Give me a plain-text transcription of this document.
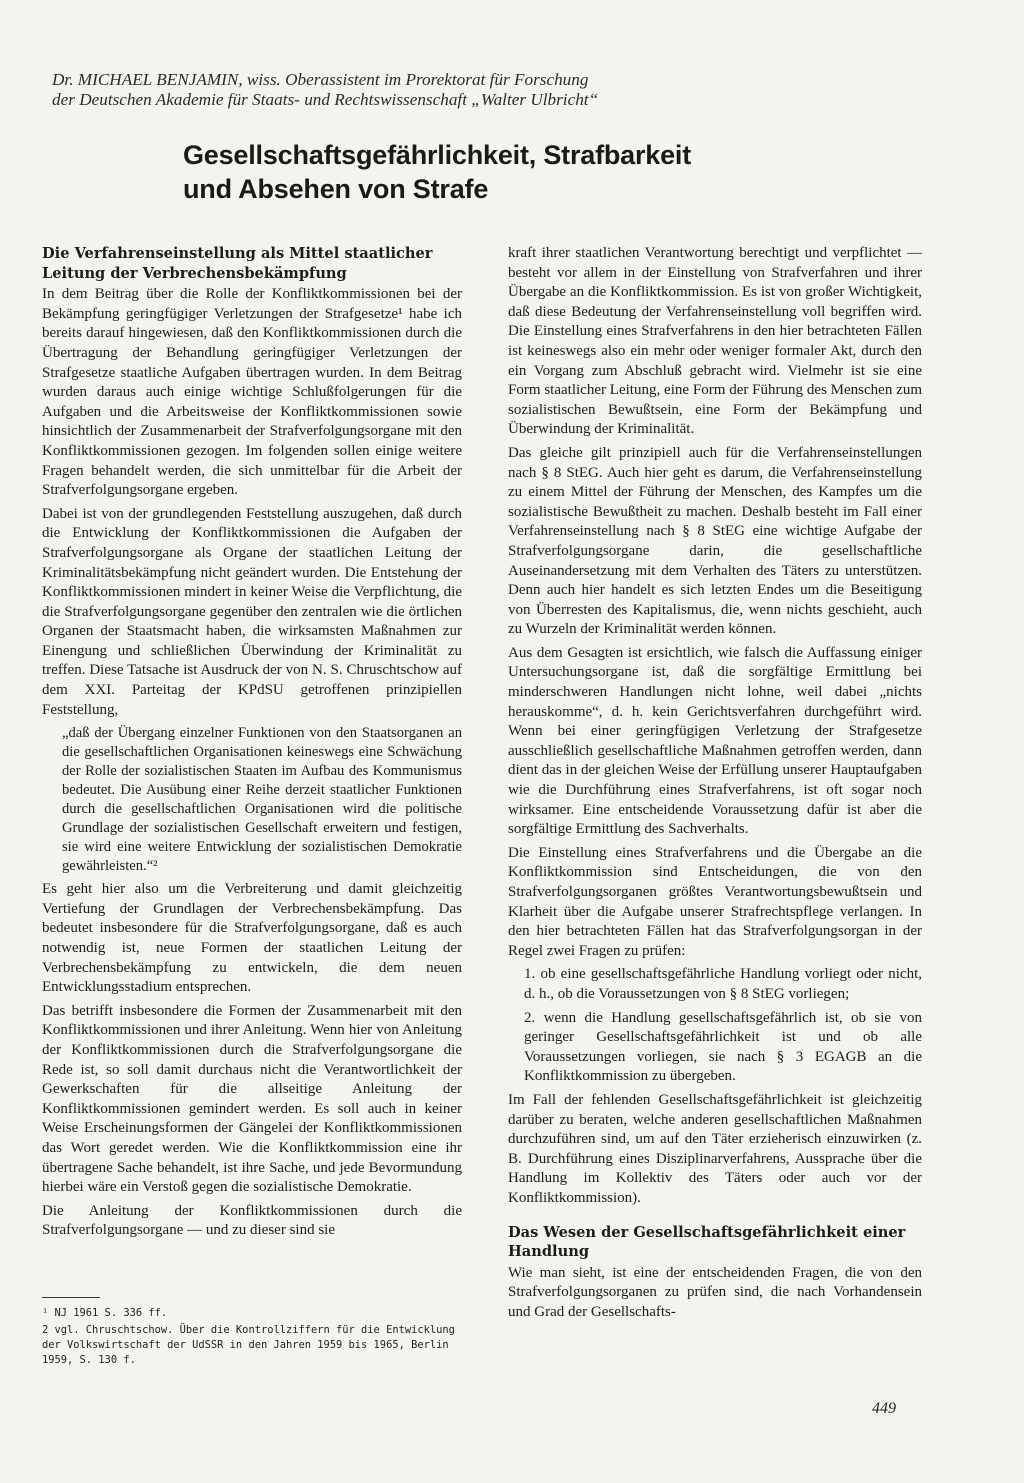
Dr. MICHAEL BENJAMIN, wiss. Oberassistent im Prorektorat für Forschung
der Deutschen Akademie für Staats- und Rechtswissenschaft „Walter Ulbricht“
Gesellschaftsgefährlichkeit, Strafbarkeit
und Absehen von Strafe
Die Verfahrenseinstellung als Mittel staatlicher Leitung der Verbrechensbekämpfung

In dem Beitrag über die Rolle der Konfliktkommissionen bei der Bekämpfung geringfügiger Verletzungen der Strafgesetze¹ habe ich bereits darauf hingewiesen, daß den Konfliktkommissionen durch die Übertragung der Behandlung geringfügiger Verletzungen der Strafgesetze staatliche Aufgaben übertragen wurden. In dem Beitrag wurden daraus auch einige wichtige Schlußfolgerungen für die Aufgaben und die Arbeitsweise der Konfliktkommissionen sowie hinsichtlich der Zusammenarbeit der Strafverfolgungsorgane mit den Konfliktkommissionen gezogen. Im folgenden sollen einige weitere Fragen behandelt werden, die sich unmittelbar für die Arbeit der Strafverfolgungsorgane ergeben.

Dabei ist von der grundlegenden Feststellung auszugehen, daß durch die Entwicklung der Konfliktkommissionen die Aufgaben der Strafverfolgungsorgane als Organe der staatlichen Leitung der Kriminalitätsbekämpfung nicht geändert wurden. Die Entstehung der Konfliktkommissionen mindert in keiner Weise die Verpflichtung, die die Strafverfolgungsorgane gegenüber den zentralen wie die örtlichen Organen der Staatsmacht haben, die wirksamsten Maßnahmen zur Einengung und schließlichen Überwindung der Kriminalität zu treffen. Diese Tatsache ist Ausdruck der von N. S. Chruschtschow auf dem XXI. Parteitag der KPdSU getroffenen prinzipiellen Feststellung,

„daß der Übergang einzelner Funktionen von den Staatsorganen an die gesellschaftlichen Organisationen keineswegs eine Schwächung der Rolle der sozialistischen Staaten im Aufbau des Kommunismus bedeutet. Die Ausübung einer Reihe derzeit staatlicher Funktionen durch die gesellschaftlichen Organisationen wird die politische Grundlage der sozialistischen Gesellschaft erweitern und festigen, sie wird eine weitere Entwicklung der sozialistischen Demokratie gewährleisten.“²

Es geht hier also um die Verbreiterung und damit gleichzeitig Vertiefung der Grundlagen der Verbrechensbekämpfung. Das bedeutet insbesondere für die Strafverfolgungsorgane, daß es auch notwendig ist, neue Formen der staatlichen Leitung der Verbrechensbekämpfung zu entwickeln, die dem neuen Entwicklungsstadium entsprechen.

Das betrifft insbesondere die Formen der Zusammenarbeit mit den Konfliktkommissionen und ihrer Anleitung. Wenn hier von Anleitung der Konfliktkommissionen durch die Strafverfolgungsorgane die Rede ist, so soll damit durchaus nicht die Verantwortlichkeit der Gewerkschaften für die allseitige Anleitung der Konfliktkommissionen gemindert werden. Es soll auch in keiner Weise Erscheinungsformen der Gängelei der Konfliktkommissionen das Wort geredet werden. Wie die Konfliktkommission eine ihr übertragene Sache behandelt, ist ihre Sache, und jede Bevormundung hierbei wäre ein Verstoß gegen die sozialistische Demokratie.

Die Anleitung der Konfliktkommissionen durch die Strafverfolgungsorgane — und zu dieser sind sie

¹ NJ 1961 S. 336 ff.
2 vgl. Chruschtschow. Über die Kontrollziffern für die Entwicklung der Volkswirtschaft der UdSSR in den Jahren 1959 bis 1965, Berlin 1959, S. 130 f.

kraft ihrer staatlichen Verantwortung berechtigt und verpflichtet — besteht vor allem in der Einstellung von Strafverfahren und ihrer Übergabe an die Konfliktkommission. Es ist von großer Wichtigkeit, daß diese Bedeutung der Verfahrenseinstellung voll begriffen wird. Die Einstellung eines Strafverfahrens in den hier betrachteten Fällen ist keineswegs also ein mehr oder weniger formaler Akt, durch den ein Vorgang zum Abschluß gebracht wird. Vielmehr ist sie eine Form staatlicher Leitung, eine Form der Führung des Menschen zum sozialistischen Bewußtsein, eine Form der Bekämpfung und Überwindung der Kriminalität.

Das gleiche gilt prinzipiell auch für die Verfahrenseinstellungen nach § 8 StEG. Auch hier geht es darum, die Verfahrenseinstellung zu einem Mittel der Führung der Menschen, des Kampfes um die sozialistische Bewußtheit zu machen. Deshalb besteht im Fall einer Verfahrenseinstellung nach § 8 StEG eine wichtige Aufgabe der Strafverfolgungsorgane darin, die gesellschaftliche Auseinandersetzung mit dem Verhalten des Täters zu unterstützen. Denn auch hier handelt es sich letzten Endes um die Beseitigung von Überresten des Kapitalismus, die, wenn nichts geschieht, auch zu Wurzeln der Kriminalität werden können.

Aus dem Gesagten ist ersichtlich, wie falsch die Auffassung einiger Untersuchungsorgane ist, daß die sorgfältige Ermittlung bei minderschweren Handlungen nicht lohne, weil dabei „nichts herauskomme“, d. h. kein Gerichtsverfahren durchgeführt wird. Wenn bei einer geringfügigen Verletzung der Strafgesetze ausschließlich gesellschaftliche Maßnahmen getroffen werden, dann dient das in der gleichen Weise der Erfüllung unserer Hauptaufgaben wie die Durchführung eines Strafverfahrens, ist oft sogar noch wirksamer. Eine entscheidende Voraussetzung dafür ist aber die sorgfältige Ermittlung des Sachverhalts.

Die Einstellung eines Strafverfahrens und die Übergabe an die Konfliktkommission sind Entscheidungen, die von den Strafverfolgungsorganen größtes Verantwortungsbewußtsein und Klarheit über die Aufgabe unserer Strafrechtspflege verlangen. In den hier betrachteten Fällen hat das Strafverfolgungsorgan in der Regel zwei Fragen zu prüfen:

1. ob eine gesellschaftsgefährliche Handlung vorliegt oder nicht, d. h., ob die Voraussetzungen von § 8 StEG vorliegen;

2. wenn die Handlung gesellschaftsgefährlich ist, ob sie von geringer Gesellschaftsgefährlichkeit ist und ob alle Voraussetzungen vorliegen, sie nach § 3 EGAGB an die Konfliktkommission zu übergeben.

Im Fall der fehlenden Gesellschaftsgefährlichkeit ist gleichzeitig darüber zu beraten, welche anderen gesellschaftlichen Maßnahmen durchzuführen sind, um auf den Täter erzieherisch einzuwirken (z. B. Durchführung eines Disziplinarverfahrens, Aussprache über die Handlung im Kollektiv des Täters oder auch vor der Konfliktkommission).

Das Wesen der Gesellschaftsgefährlichkeit einer Handlung

Wie man sieht, ist eine der entscheidenden Fragen, die von den Strafverfolgungsorganen zu prüfen sind, die nach Vorhandensein und Grad der Gesellschafts-

449
